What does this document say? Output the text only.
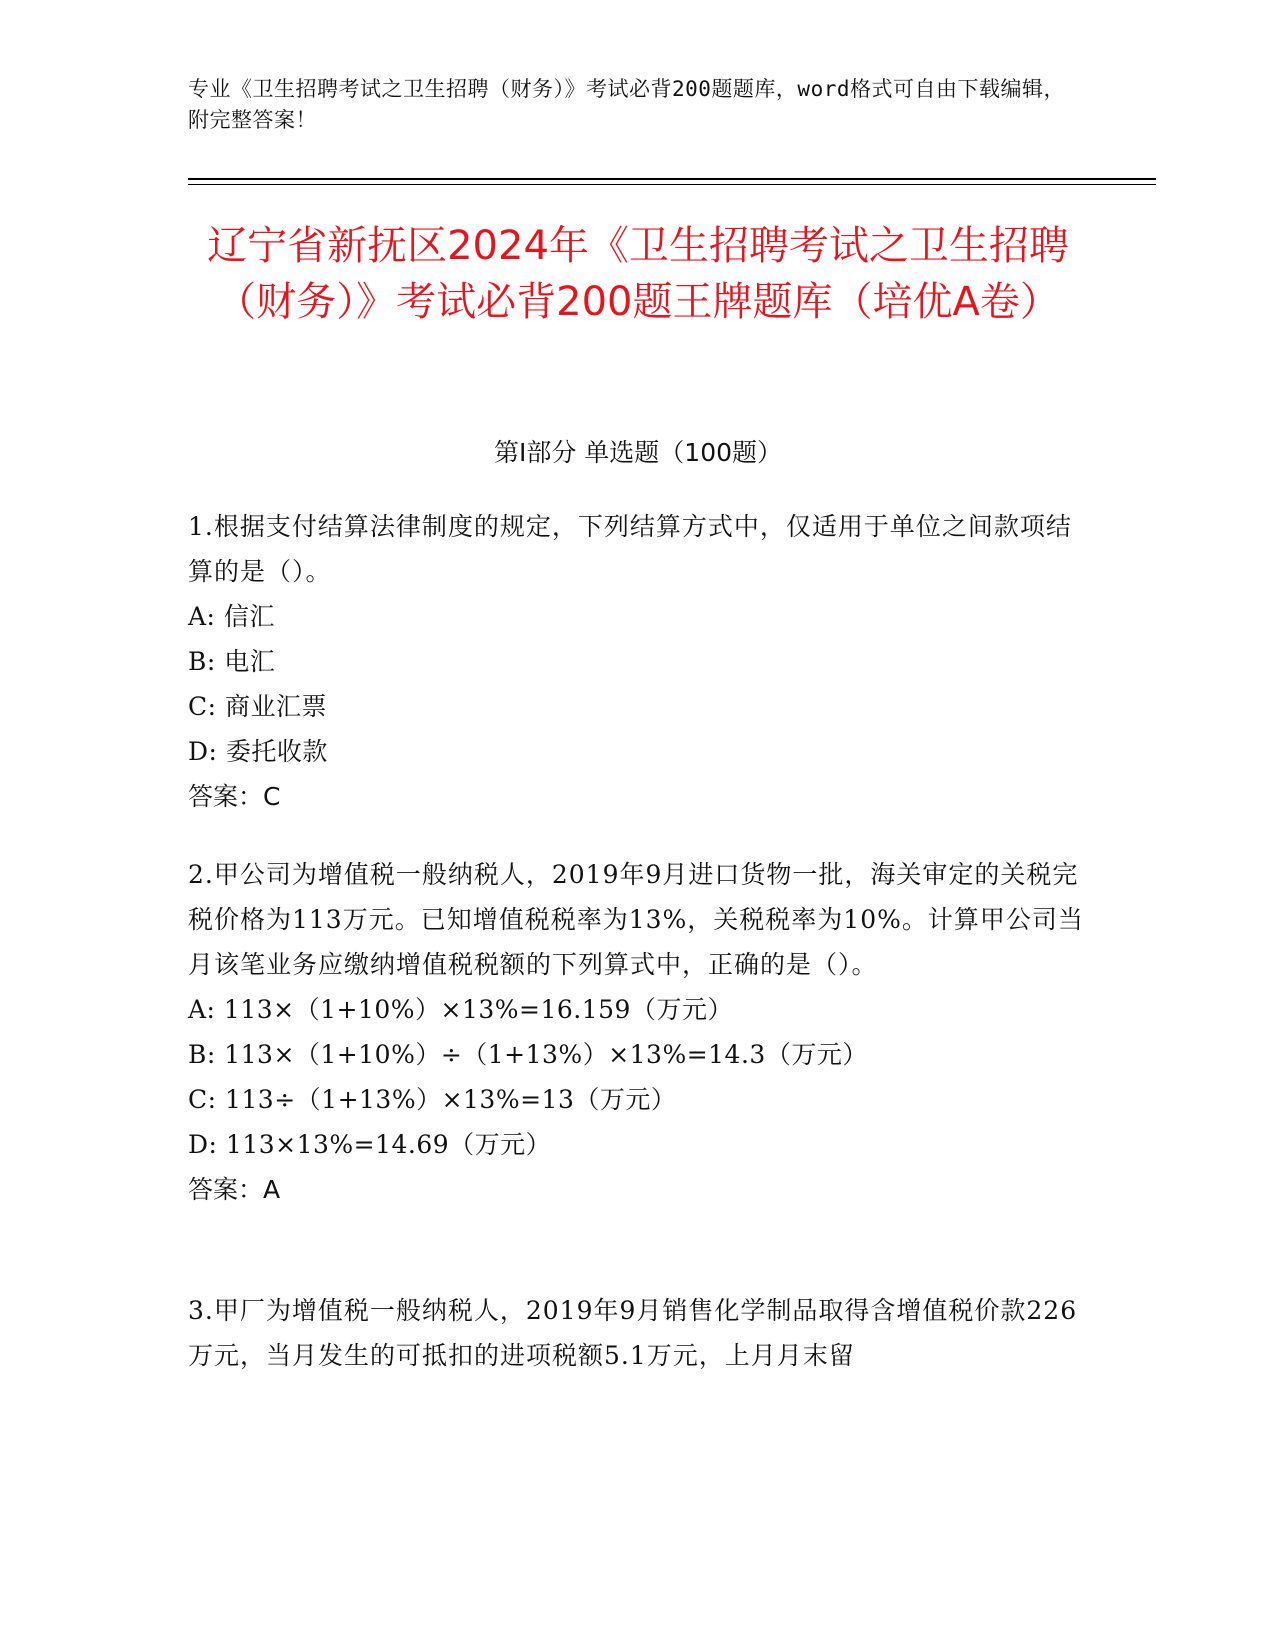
专业《卫生招聘考试之卫生招聘（财务）》考试必背200题题库，word格式可自由下载编辑，附完整答案！
辽宁省新抚区2024年《卫生招聘考试之卫生招聘（财务）》考试必背200题王牌题库（培优A卷）
第Ⅰ部分 单选题（100题）
1.根据支付结算法律制度的规定，下列结算方式中，仅适用于单位之间款项结算的是（）。
A: 信汇
B: 电汇
C: 商业汇票
D: 委托收款
答案：C
2.甲公司为增值税一般纳税人，2019年9月进口货物一批，海关审定的关税完税价格为113万元。已知增值税税率为13%，关税税率为10%。计算甲公司当月该笔业务应缴纳增值税税额的下列算式中，正确的是（）。
A: 113×（1+10%）×13%=16.159（万元）
B: 113×（1+10%）÷（1+13%）×13%=14.3（万元）
C: 113÷（1+13%）×13%=13（万元）
D: 113×13%=14.69（万元）
答案：A
3.甲厂为增值税一般纳税人，2019年9月销售化学制品取得含增值税价款226万元，当月发生的可抵扣的进项税额5.1万元，上月月末留
